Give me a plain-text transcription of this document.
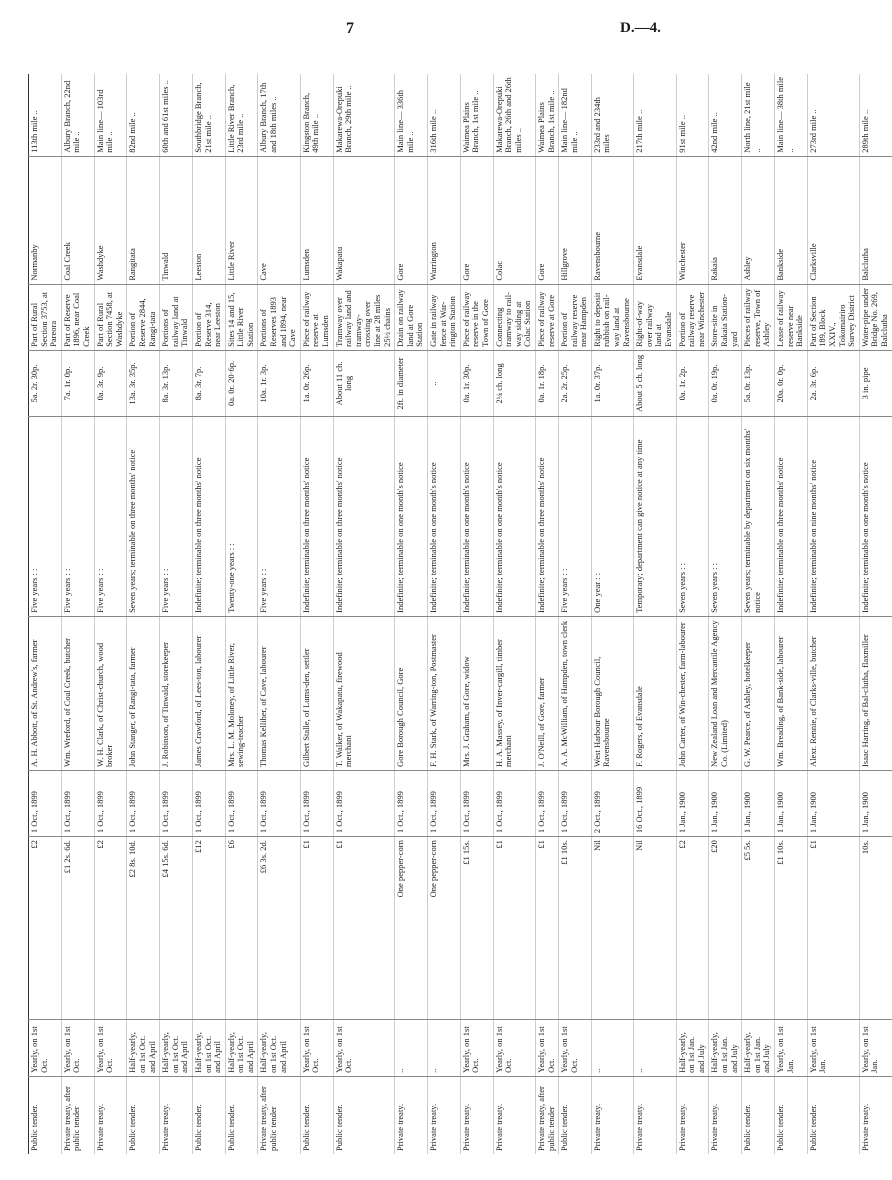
7	D.—4.
Public tender.	Yearly, on 1st Oct.	£2	1 Oct., 1899	A. H. Abbott, of St. Andrew's, farmer	Five years : :	5a. 2r. 30p.	Part of Rural Section 3753, at Pareora	Normanby	113th mile ..
Private treaty, after public tender	Yearly, on 1st Oct.	£1 2s. 6d.	1 Oct., 1899	Wm. Wreford, of Coal Creek, butcher	Five years : :	7a. 1r. 0p.	Part of Reserve 1896, near Coal Creek	Coal Creek	Albury Branch, 22nd mile ..
Private treaty.	Yearly, on 1st Oct.	£2	1 Oct., 1899	W. H. Clark, of Christ-church, wood broker	Five years : :	0a. 3r. 9p.	Part of Rural Section 7458, at Washdyke	Washdyke	Main line— 103rd mile ..
Public tender.	Half-yearly, on 1st Oct. and April	£2 8s. 10d.	1 Oct., 1899	John Stanger, of Rangi-tata, farmer	Seven years; terminable on three months' notice	13a. 3r. 35p.	Portion of Reserve 2844, Rangi-tata	Rangitata	82nd mile ..
Private treaty.	Half-yearly, on 1st Oct. and April	£4 15s. 6d.	1 Oct., 1899	J. Robinson, of Tinwald, storekeeper	Five years : :	8a. 3r. 13p.	Portions of railway land at Tinwald	Tinwald	60th and 61st miles ..
Public tender.	Half-yearly, on 1st Oct. and April	£12	1 Oct., 1899	James Crawford, of Lees-ton, labourer	Indefinite; terminable on three months' notice	8a. 3r. 7p.	Portion of Reserve 314, near Leeston	Leeston	Southbridge Branch, 21st mile ..
Public tender.	Half-yearly, on 1st Oct. and April	£6	1 Oct., 1899	Mrs. L. M. Moloney, of Little River, sewing-teacher	Twenty-one years : :	0a. 0r. 20·6p.	Sites 14 and 15, Little River Station	Little River	Little River Branch, 23rd mile ..
Private treaty, after public tender	Half-yearly, on 1st Oct. and April	£6 3s. 2d.	1 Oct., 1899	Thomas Kelliher, of Cave, labourer	Five years : :	10a. 1r. 3p.	Portions of Reserves 1893 and 1894, near Cave	Cave	Albury Branch, 17th and 18th miles ..
Public tender.	Yearly, on 1st Oct.	£1	1 Oct., 1899	Gilbert Stalle, of Lums-den, settler	Indefinite; terminable on three months' notice	1a. 0r. 26p.	Piece of railway reserve at Lumsden	Lumsden	Kingston Branch, 49th mile ..
Public tender.	Yearly, on 1st Oct.	£1	1 Oct., 1899	T. Walker, of Wakapatu, firewood merchant	Indefinite; terminable on three months' notice	About 11 ch. long	Tramway over railway land and tramway-crossing over line at 28 miles 25½ chains	Wakapatu	Makarewa-Orepuki Branch, 29th mile ..
Private treaty.	..	One pepper-corn	1 Oct., 1899	Gore Borough Council, Gore	Indefinite; terminable on one month's notice	2ft. in diameter	Drain on railway land at Gore Station	Gore	Main line— 336th mile ..
Private treaty.	..	One pepper-corn	1 Oct., 1899	F. H. Stark, of Warring-ton, Postmaster	Indefinite; terminable on one month's notice	..	Gate in railway fence at War-rington Station	Warrington	316th mile ..
Private treaty.	Yearly, on 1st Oct.	£1 15s.	1 Oct., 1899	Mrs. J. Graham, of Gore, widow	Indefinite; terminable on one month's notice	0a. 1r. 30p.	Piece of railway reserve in the Town of Gore	Gore	Waimea Plains Branch, 1st mile ..
Private treaty.	Yearly, on 1st Oct.	£1	1 Oct., 1899	H. A. Massey, of Inver-cargill, timber merchant	Indefinite; terminable on one month's notice	2¼ ch. long	Connecting tramway to rail-way siding at Colac Station	Colac	Makarewa-Orepuki Branch, 26th and 26th miles ..
Private treaty, after public tender	Yearly, on 1st Oct.	£1	1 Oct., 1899	J. O'Neill, of Gore, farmer	Indefinite; terminable on three months' notice	0a. 1r. 18p.	Piece of railway reserve at Gore	Gore	Waimea Plains Branch, 1st mile ..
Public tender.	Yearly, on 1st Oct.	£1 10s.	1 Oct., 1899	A. A. McWilliam, of Hampden, town clerk	Five years : :	2a. 2r. 25p.	Portion of railway reserve near Hampden	Hillgrove	Main line— 182nd mile ..
Private treaty.	..	Nil	2 Oct., 1899	West Harbour Borough Council, Ravensbourne	One year : :	1a. 0r. 37p.	Right to deposit rubbish on rail-way land at Ravensbourne	Ravensbourne	233rd and 234th miles
Private treaty.	..	Nil	16 Oct., 1899	F. Rogers, of Evansdale	Temporary; department can give notice at any time	About 5 ch. long	Right-of-way over railway land at Evansdale	Evansdale	217th mile ..
Private treaty.	Half-yearly, on 1st Jan. and July	£2	1 Jan., 1900	John Carter, of Win-chester, farm-labourer	Seven years : :	0a. 1r. 2p.	Portion of railway reserve near Winchester	Winchester	91st mile ..
Private treaty.	Half-yearly, on 1st Jan. and July	£20	1 Jan., 1900	New Zealand Loan and Mercantile Agency Co. (Limited)	Seven years : :	0a. 0r. 19p.	Store-site in Rakaia Station-yard	Rakaia	42nd mile ..
Public tender.	Half-yearly, on 1st Jan. and July	£5 5s.	1 Jan., 1900	G. W. Pearce, of Ashley, hotelkeeper	Seven years; terminable by department on six months' notice	5a. 0r. 13p.	Pieces of railway reserve, Town of Ashley	Ashley	North line, 21st mile ..
Public tender.	Yearly, on 1st Jan.	£1 10s.	1 Jan., 1900	Wm. Breading, of Bank-side, labourer	Indefinite; terminable on three months' notice	20a. 0r. 0p.	Lease of railway reserve near Bankside	Bankside	Main line— 38th mile ..
Public tender.	Yearly, on 1st Jan.	£1	1 Jan., 1900	Alexr. Rennie, of Clarks-ville, butcher	Indefinite; terminable on nine months' notice	2a. 3r. 6p.	Part of Section 189, Block XXIV., Tokomairiro Survey District	Clarksville	273rd mile ..
Private treaty.	Yearly, on 1st Jan.	10s.	1 Jan., 1900	Isaac Harring, of Bal-clutha, flaxmiller	Indefinite; terminable on one month's notice	3 in. pipe	Water-pipe under Bridge No. 269, Balclutha	Balclutha	289th mile ..
